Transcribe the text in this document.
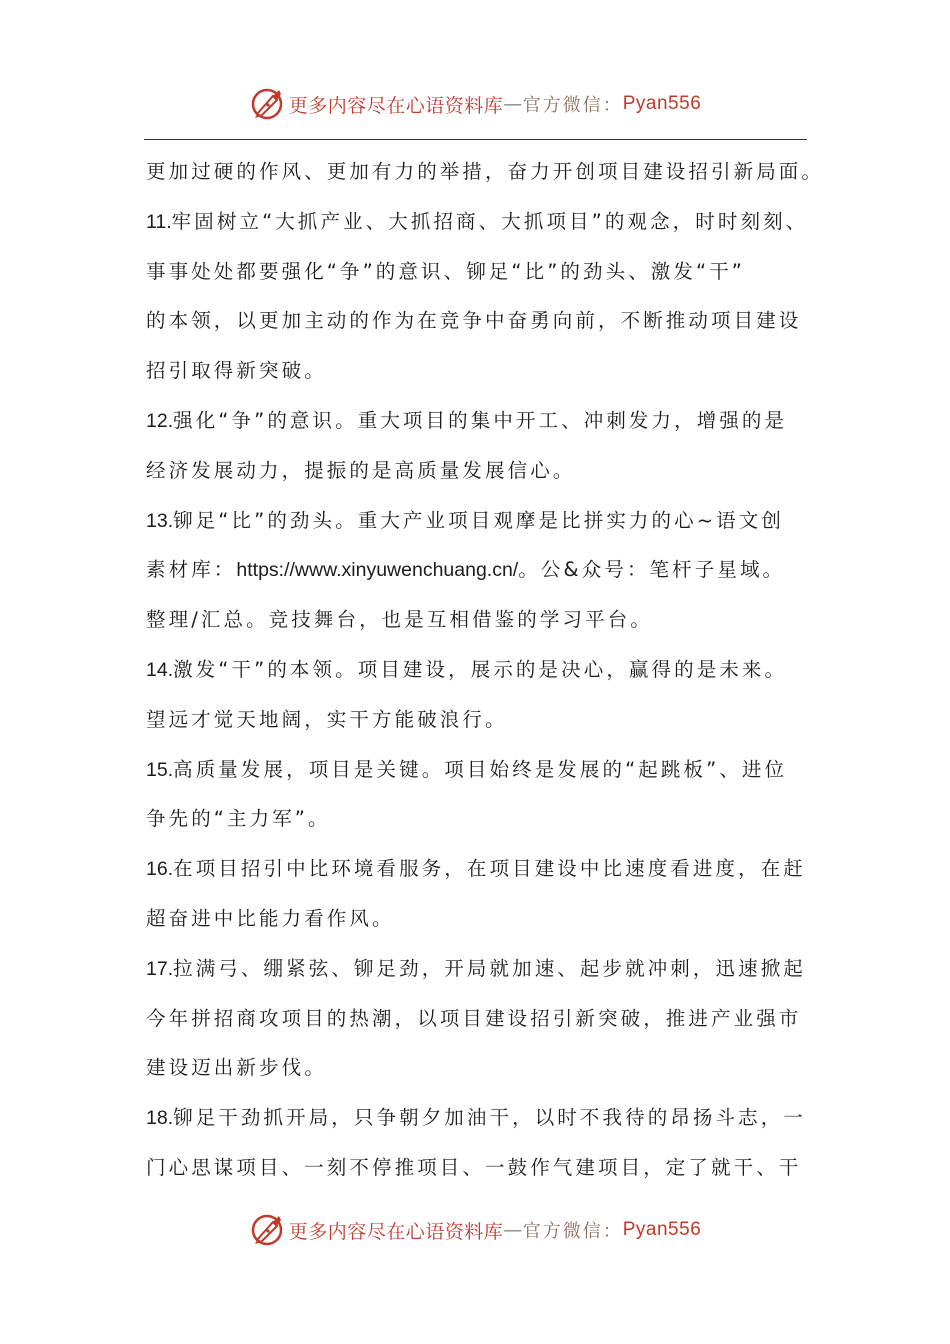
更多内容尽在心语资料库 — 官方微信： Pyan556
更加过硬的作风、更加有力的举措，奋力开创项目建设招引新局面。
11.牢固树立“大抓产业、大抓招商、大抓项目”的观念，时时刻刻、
事事处处都要强化“争”的意识、铆足“比”的劲头、激发“干”
的本领，以更加主动的作为在竞争中奋勇向前，不断推动项目建设
招引取得新突破。
12.强化“争”的意识。重大项目的集中开工、冲刺发力，增强的是
经济发展动力，提振的是高质量发展信心。
13.铆足“比”的劲头。重大产业项目观摩是比拼实力的心~语文创
素材库：https://www.xinyuwenchuang.cn/。公&众号：笔杆子星域。
整理/汇总。竞技舞台，也是互相借鉴的学习平台。
14.激发“干”的本领。项目建设，展示的是决心，赢得的是未来。
望远才觉天地阔，实干方能破浪行。
15.高质量发展，项目是关键。项目始终是发展的“起跳板”、进位
争先的“主力军”。
16.在项目招引中比环境看服务，在项目建设中比速度看进度，在赶
超奋进中比能力看作风。
17.拉满弓、绷紧弦、铆足劲，开局就加速、起步就冲刺，迅速掀起
今年拼招商攻项目的热潮，以项目建设招引新突破，推进产业强市
建设迈出新步伐。
18.铆足干劲抓开局，只争朝夕加油干，以时不我待的昂扬斗志，一
门心思谋项目、一刻不停推项目、一鼓作气建项目，定了就干、干
更多内容尽在心语资料库 — 官方微信： Pyan556
